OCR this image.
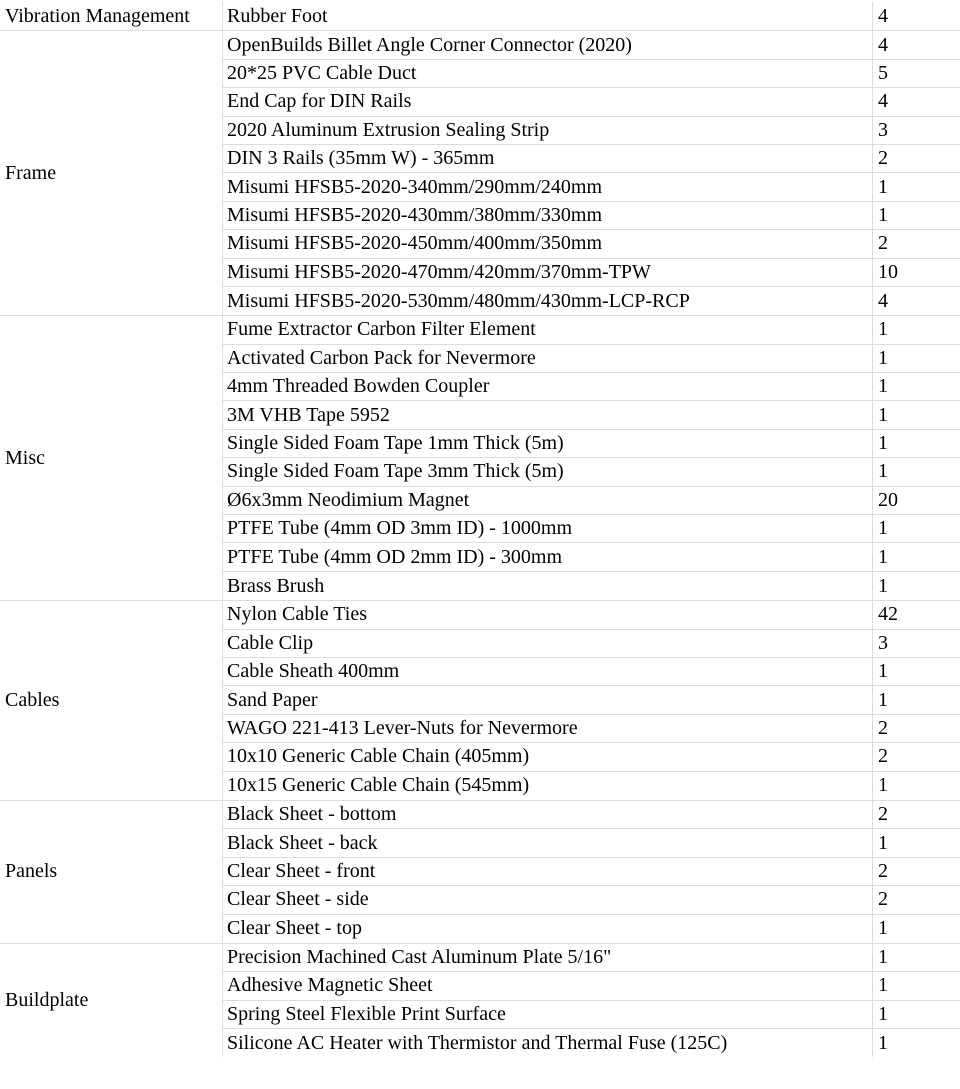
Vibration Management	Rubber Foot	4
Frame
OpenBuilds Billet Angle Corner Connector (2020)	4
20*25 PVC Cable Duct	5
End Cap for DIN Rails	4
2020 Aluminum Extrusion Sealing Strip	3
DIN 3 Rails (35mm W) - 365mm	2
Misumi HFSB5-2020-340mm/290mm/240mm	1
Misumi HFSB5-2020-430mm/380mm/330mm	1
Misumi HFSB5-2020-450mm/400mm/350mm	2
Misumi HFSB5-2020-470mm/420mm/370mm-TPW	10
Misumi HFSB5-2020-530mm/480mm/430mm-LCP-RCP	4
Misc
Fume Extractor Carbon Filter Element	1
Activated Carbon Pack for Nevermore	1
4mm Threaded Bowden Coupler	1
3M VHB Tape 5952	1
Single Sided Foam Tape 1mm Thick (5m)	1
Single Sided Foam Tape 3mm Thick (5m)	1
Ø6x3mm Neodimium Magnet	20
PTFE Tube (4mm OD 3mm ID) - 1000mm	1
PTFE Tube (4mm OD 2mm ID) - 300mm	1
Brass Brush	1
Cables
Nylon Cable Ties	42
Cable Clip	3
Cable Sheath 400mm	1
Sand Paper	1
WAGO 221-413 Lever-Nuts for Nevermore	2
10x10 Generic Cable Chain (405mm)	2
10x15 Generic Cable Chain (545mm)	1
Panels
Black Sheet - bottom	2
Black Sheet - back	1
Clear Sheet - front	2
Clear Sheet - side	2
Clear Sheet - top	1
Buildplate
Precision Machined Cast Aluminum Plate 5/16"	1
Adhesive Magnetic Sheet	1
Spring Steel Flexible Print Surface	1
Silicone AC Heater with Thermistor and Thermal Fuse (125C)	1
